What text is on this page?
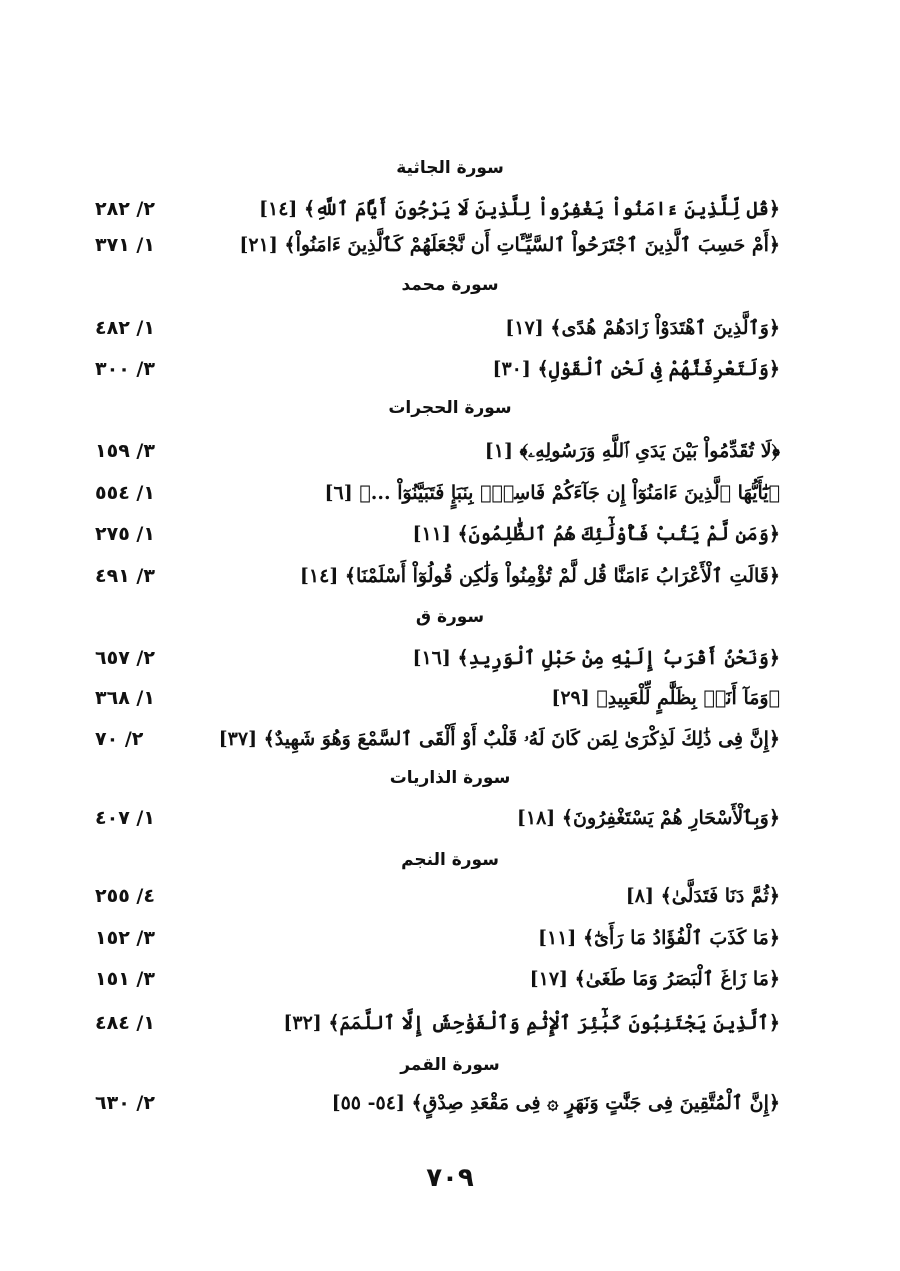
سورة الجاثية
﴿قُل لِّلَّذِينَ ءَامَنُواْ يَغْفِرُواْ لِلَّذِينَ لَا يَرْجُونَ أَيَّامَ ٱللَّهِ﴾ [١٤]
٢/ ٢٨٢
﴿أَمْ حَسِبَ ٱلَّذِينَ ٱجْتَرَحُواْ ٱلسَّيِّـَٔاتِ أَن نَّجْعَلَهُمْ كَٱلَّذِينَ ءَامَنُواْ﴾ [٢١]
١/ ٣٧١
سورة محمد
﴿وَٱلَّذِينَ ٱهْتَدَوْاْ زَادَهُمْ هُدًى﴾ [١٧]
١/ ٤٨٢
﴿وَلَتَعْرِفَنَّهُمْ فِى لَحْنِ ٱلْقَوْلِ﴾ [٣٠]
٣/ ٣٠٠
سورة الحجرات
﴿لَا تُقَدِّمُواْ بَيْنَ يَدَىِ ٱللَّهِ وَرَسُولِهِۦ﴾ [١]
٣/ ١٥٩
﴿يَٰٓأَيُّهَا ٱلَّذِينَ ءَامَنُوٓاْ إِن جَآءَكُمْ فَاسِقُۢ بِنَبَإٍ فَتَبَيَّنُوٓاْ ...﴾ [٦]
١/ ٥٥٤
﴿وَمَن لَّمْ يَتُبْ فَأُوْلَٰٓئِكَ هُمُ ٱلظَّٰلِمُونَ﴾ [١١]
١/ ٢٧٥
﴿قَالَتِ ٱلْأَعْرَابُ ءَامَنَّا قُل لَّمْ تُؤْمِنُواْ وَلَٰكِن قُولُوٓاْ أَسْلَمْنَا﴾ [١٤]
٣/ ٤٩١
سورة ق
﴿وَنَحْنُ أَقْرَبُ إِلَيْهِ مِنْ حَبْلِ ٱلْوَرِيدِ﴾ [١٦]
٢/ ٦٥٧
﴿وَمَآ أَنَا۠ بِظَلَّٰمٍ لِّلْعَبِيدِ﴾ [٢٩]
١/ ٣٦٨
﴿إِنَّ فِى ذَٰلِكَ لَذِكْرَىٰ لِمَن كَانَ لَهُۥ قَلْبٌ أَوْ أَلْقَى ٱلسَّمْعَ وَهُوَ شَهِيدٌ﴾ [٣٧]
٢/ ٧٠
سورة الذاريات
﴿وَبِٱلْأَسْحَارِ هُمْ يَسْتَغْفِرُونَ﴾ [١٨]
١/ ٤٠٧
سورة النجم
﴿ثُمَّ دَنَا فَتَدَلَّىٰ﴾ [٨]
٤/ ٢٥٥
﴿مَا كَذَبَ ٱلْفُؤَادُ مَا رَأَىٰٓ﴾ [١١]
٣/ ١٥٢
﴿مَا زَاغَ ٱلْبَصَرُ وَمَا طَغَىٰ﴾ [١٧]
٣/ ١٥١
﴿ٱلَّذِينَ يَجْتَنِبُونَ كَبَٰٓئِرَ ٱلْإِثْمِ وَٱلْفَوَٰحِشَ إِلَّا ٱللَّمَمَ﴾ [٣٢]
١/ ٤٨٤
سورة القمر
﴿إِنَّ ٱلْمُتَّقِينَ فِى جَنَّٰتٍ وَنَهَرٍ ۞ فِى مَقْعَدِ صِدْقٍ﴾ [٥٤- ٥٥]
٢/ ٦٣٠
٧٠٩
